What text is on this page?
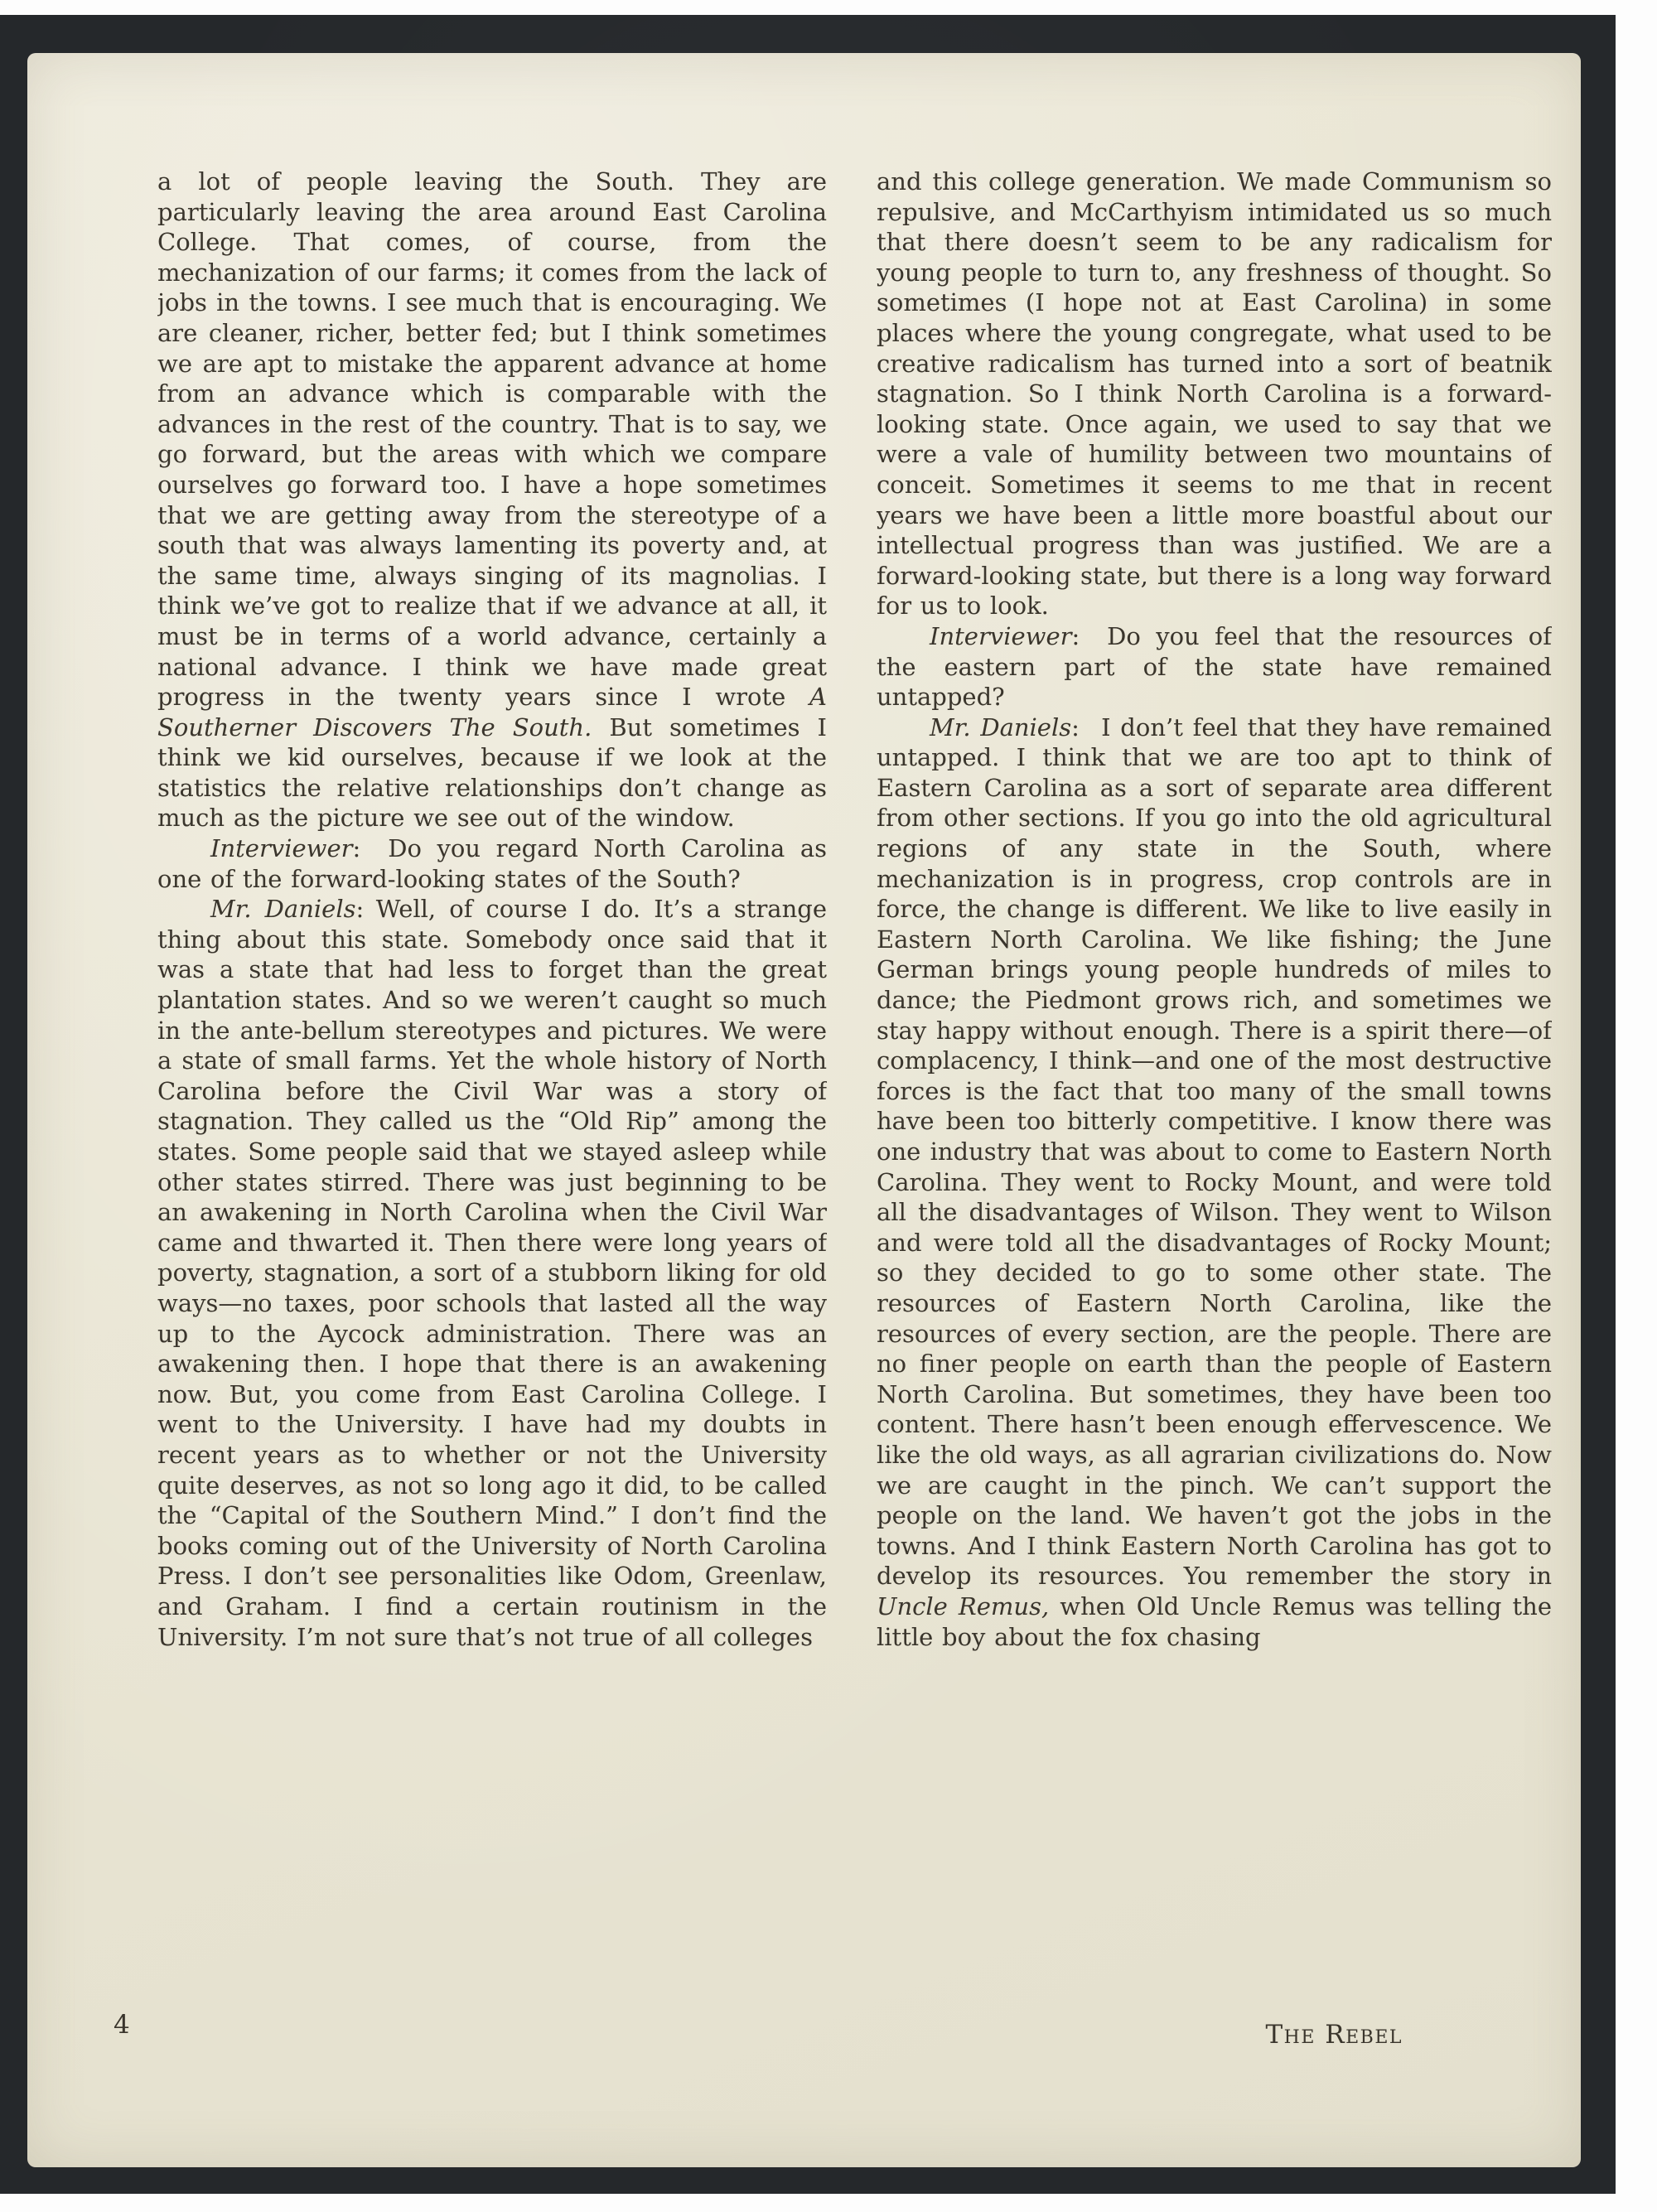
a lot of people leaving the South. They are particularly leaving the area around East Carolina College. That comes, of course, from the mechanization of our farms; it comes from the lack of jobs in the towns. I see much that is encouraging. We are cleaner, richer, better fed; but I think sometimes we are apt to mistake the apparent advance at home from an advance which is comparable with the advances in the rest of the country. That is to say, we go forward, but the areas with which we compare ourselves go forward too. I have a hope sometimes that we are getting away from the stereotype of a south that was always lamenting its poverty and, at the same time, always singing of its magnolias. I think we’ve got to realize that if we advance at all, it must be in terms of a world advance, certainly a national advance. I think we have made great progress in the twenty years since I wrote A Southerner Discovers The South. But sometimes I think we kid ourselves, because if we look at the statistics the relative relationships don’t change as much as the picture we see out of the window.

Interviewer:  Do you regard North Carolina as one of the forward-looking states of the South?

Mr. Daniels: Well, of course I do. It’s a strange thing about this state. Somebody once said that it was a state that had less to forget than the great plantation states. And so we weren’t caught so much in the ante-bellum stereotypes and pictures. We were a state of small farms. Yet the whole history of North Carolina before the Civil War was a story of stagnation. They called us the “Old Rip” among the states. Some people said that we stayed asleep while other states stirred. There was just beginning to be an awakening in North Carolina when the Civil War came and thwarted it. Then there were long years of poverty, stagnation, a sort of a stubborn liking for old ways—no taxes, poor schools that lasted all the way up to the Aycock administration. There was an awakening then. I hope that there is an awakening now. But, you come from East Carolina College. I went to the University. I have had my doubts in recent years as to whether or not the University quite deserves, as not so long ago it did, to be called the “Capital of the Southern Mind.” I don’t find the books coming out of the University of North Carolina Press. I don’t see personalities like Odom, Greenlaw, and Graham. I find a certain routinism in the University. I’m not sure that’s not true of all colleges

and this college generation. We made Communism so repulsive, and McCarthyism intimidated us so much that there doesn’t seem to be any radicalism for young people to turn to, any freshness of thought. So sometimes (I hope not at East Carolina) in some places where the young congregate, what used to be creative radicalism has turned into a sort of beatnik stagnation. So I think North Carolina is a forward-looking state. Once again, we used to say that we were a vale of humility between two mountains of conceit. Sometimes it seems to me that in recent years we have been a little more boastful about our intellectual progress than was justified. We are a forward-looking state, but there is a long way forward for us to look.

Interviewer:  Do you feel that the resources of the eastern part of the state have remained untapped?

Mr. Daniels:  I don’t feel that they have remained untapped. I think that we are too apt to think of Eastern Carolina as a sort of separate area different from other sections. If you go into the old agricultural regions of any state in the South, where mechanization is in progress, crop controls are in force, the change is different. We like to live easily in Eastern North Carolina. We like fishing; the June German brings young people hundreds of miles to dance; the Piedmont grows rich, and sometimes we stay happy without enough. There is a spirit there—of complacency, I think—and one of the most destructive forces is the fact that too many of the small towns have been too bitterly competitive. I know there was one industry that was about to come to Eastern North Carolina. They went to Rocky Mount, and were told all the disadvantages of Wilson. They went to Wilson and were told all the disadvantages of Rocky Mount; so they decided to go to some other state. The resources of Eastern North Carolina, like the resources of every section, are the people. There are no finer people on earth than the people of Eastern North Carolina. But sometimes, they have been too content. There hasn’t been enough effervescence. We like the old ways, as all agrarian civilizations do. Now we are caught in the pinch. We can’t support the people on the land. We haven’t got the jobs in the towns. And I think Eastern North Carolina has got to develop its resources. You remember the story in Uncle Remus, when Old Uncle Remus was telling the little boy about the fox chasing

4	The Rebel
